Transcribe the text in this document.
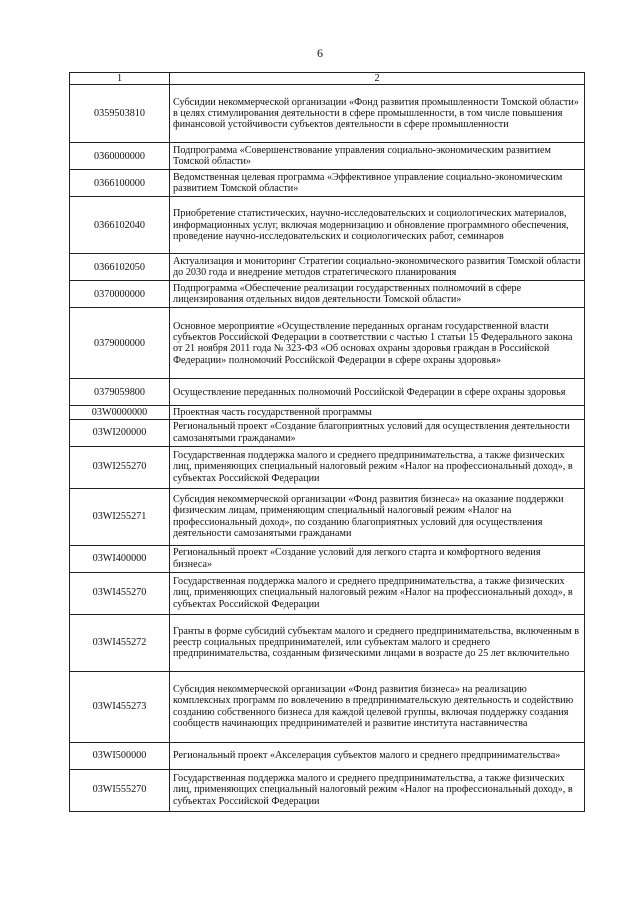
6
1	2
0359503810	Субсидии некоммерческой организации «Фонд развития промышленности Томской области» в целях стимулирования деятельности в сфере промышленности, в том числе повышения финансовой устойчивости субъектов деятельности в сфере промышленности
0360000000	Подпрограмма «Совершенствование управления социально-экономическим развитием Томской области»
0366100000	Ведомственная целевая программа «Эффективное управление социально-экономическим развитием Томской области»
0366102040	Приобретение статистических, научно-исследовательских и социологических материалов, информационных услуг, включая модернизацию и обновление программного обеспечения, проведение научно-исследовательских и социологических работ, семинаров
0366102050	Актуализация и мониторинг Стратегии социально-экономического развития Томской области до 2030 года и внедрение методов стратегического планирования
0370000000	Подпрограмма «Обеспечение реализации государственных полномочий в сфере лицензирования отдельных видов деятельности Томской области»
0379000000	Основное мероприятие «Осуществление переданных органам государственной власти субъектов Российской Федерации в соответствии с частью 1 статьи 15 Федерального закона от 21 ноября 2011 года № 323-ФЗ «Об основах охраны здоровья граждан в Российской Федерации» полномочий Российской Федерации в сфере охраны здоровья»
0379059800	Осуществление переданных полномочий Российской Федерации в сфере охраны здоровья
03W0000000	Проектная часть государственной программы
03WI200000	Региональный проект «Создание благоприятных условий для осуществления деятельности самозанятыми гражданами»
03WI255270	Государственная поддержка малого и среднего предпринимательства, а также физических лиц, применяющих специальный налоговый режим «Налог на профессиональный доход», в субъектах Российской Федерации
03WI255271	Субсидия некоммерческой организации «Фонд развития бизнеса» на оказание поддержки физическим лицам, применяющим специальный налоговый режим «Налог на профессиональный доход», по созданию благоприятных условий для осуществления деятельности самозанятыми гражданами
03WI400000	Региональный проект «Создание условий для легкого старта и комфортного ведения бизнеса»
03WI455270	Государственная поддержка малого и среднего предпринимательства, а также физических лиц, применяющих специальный налоговый режим «Налог на профессиональный доход», в субъектах Российской Федерации
03WI455272	Гранты в форме субсидий субъектам малого и среднего предпринимательства, включенным в реестр социальных предпринимателей, или субъектам малого и среднего предпринимательства, созданным физическими лицами в возрасте до 25 лет включительно
03WI455273	Субсидия некоммерческой организации «Фонд развития бизнеса» на реализацию комплексных программ по вовлечению в предпринимательскую деятельность и содействию созданию собственного бизнеса для каждой целевой группы, включая поддержку создания сообществ начинающих предпринимателей и развитие института наставничества
03WI500000	Региональный проект «Акселерация субъектов малого и среднего предпринимательства»
03WI555270	Государственная поддержка малого и среднего предпринимательства, а также физических лиц, применяющих специальный налоговый режим «Налог на профессиональный доход», в субъектах Российской Федерации
